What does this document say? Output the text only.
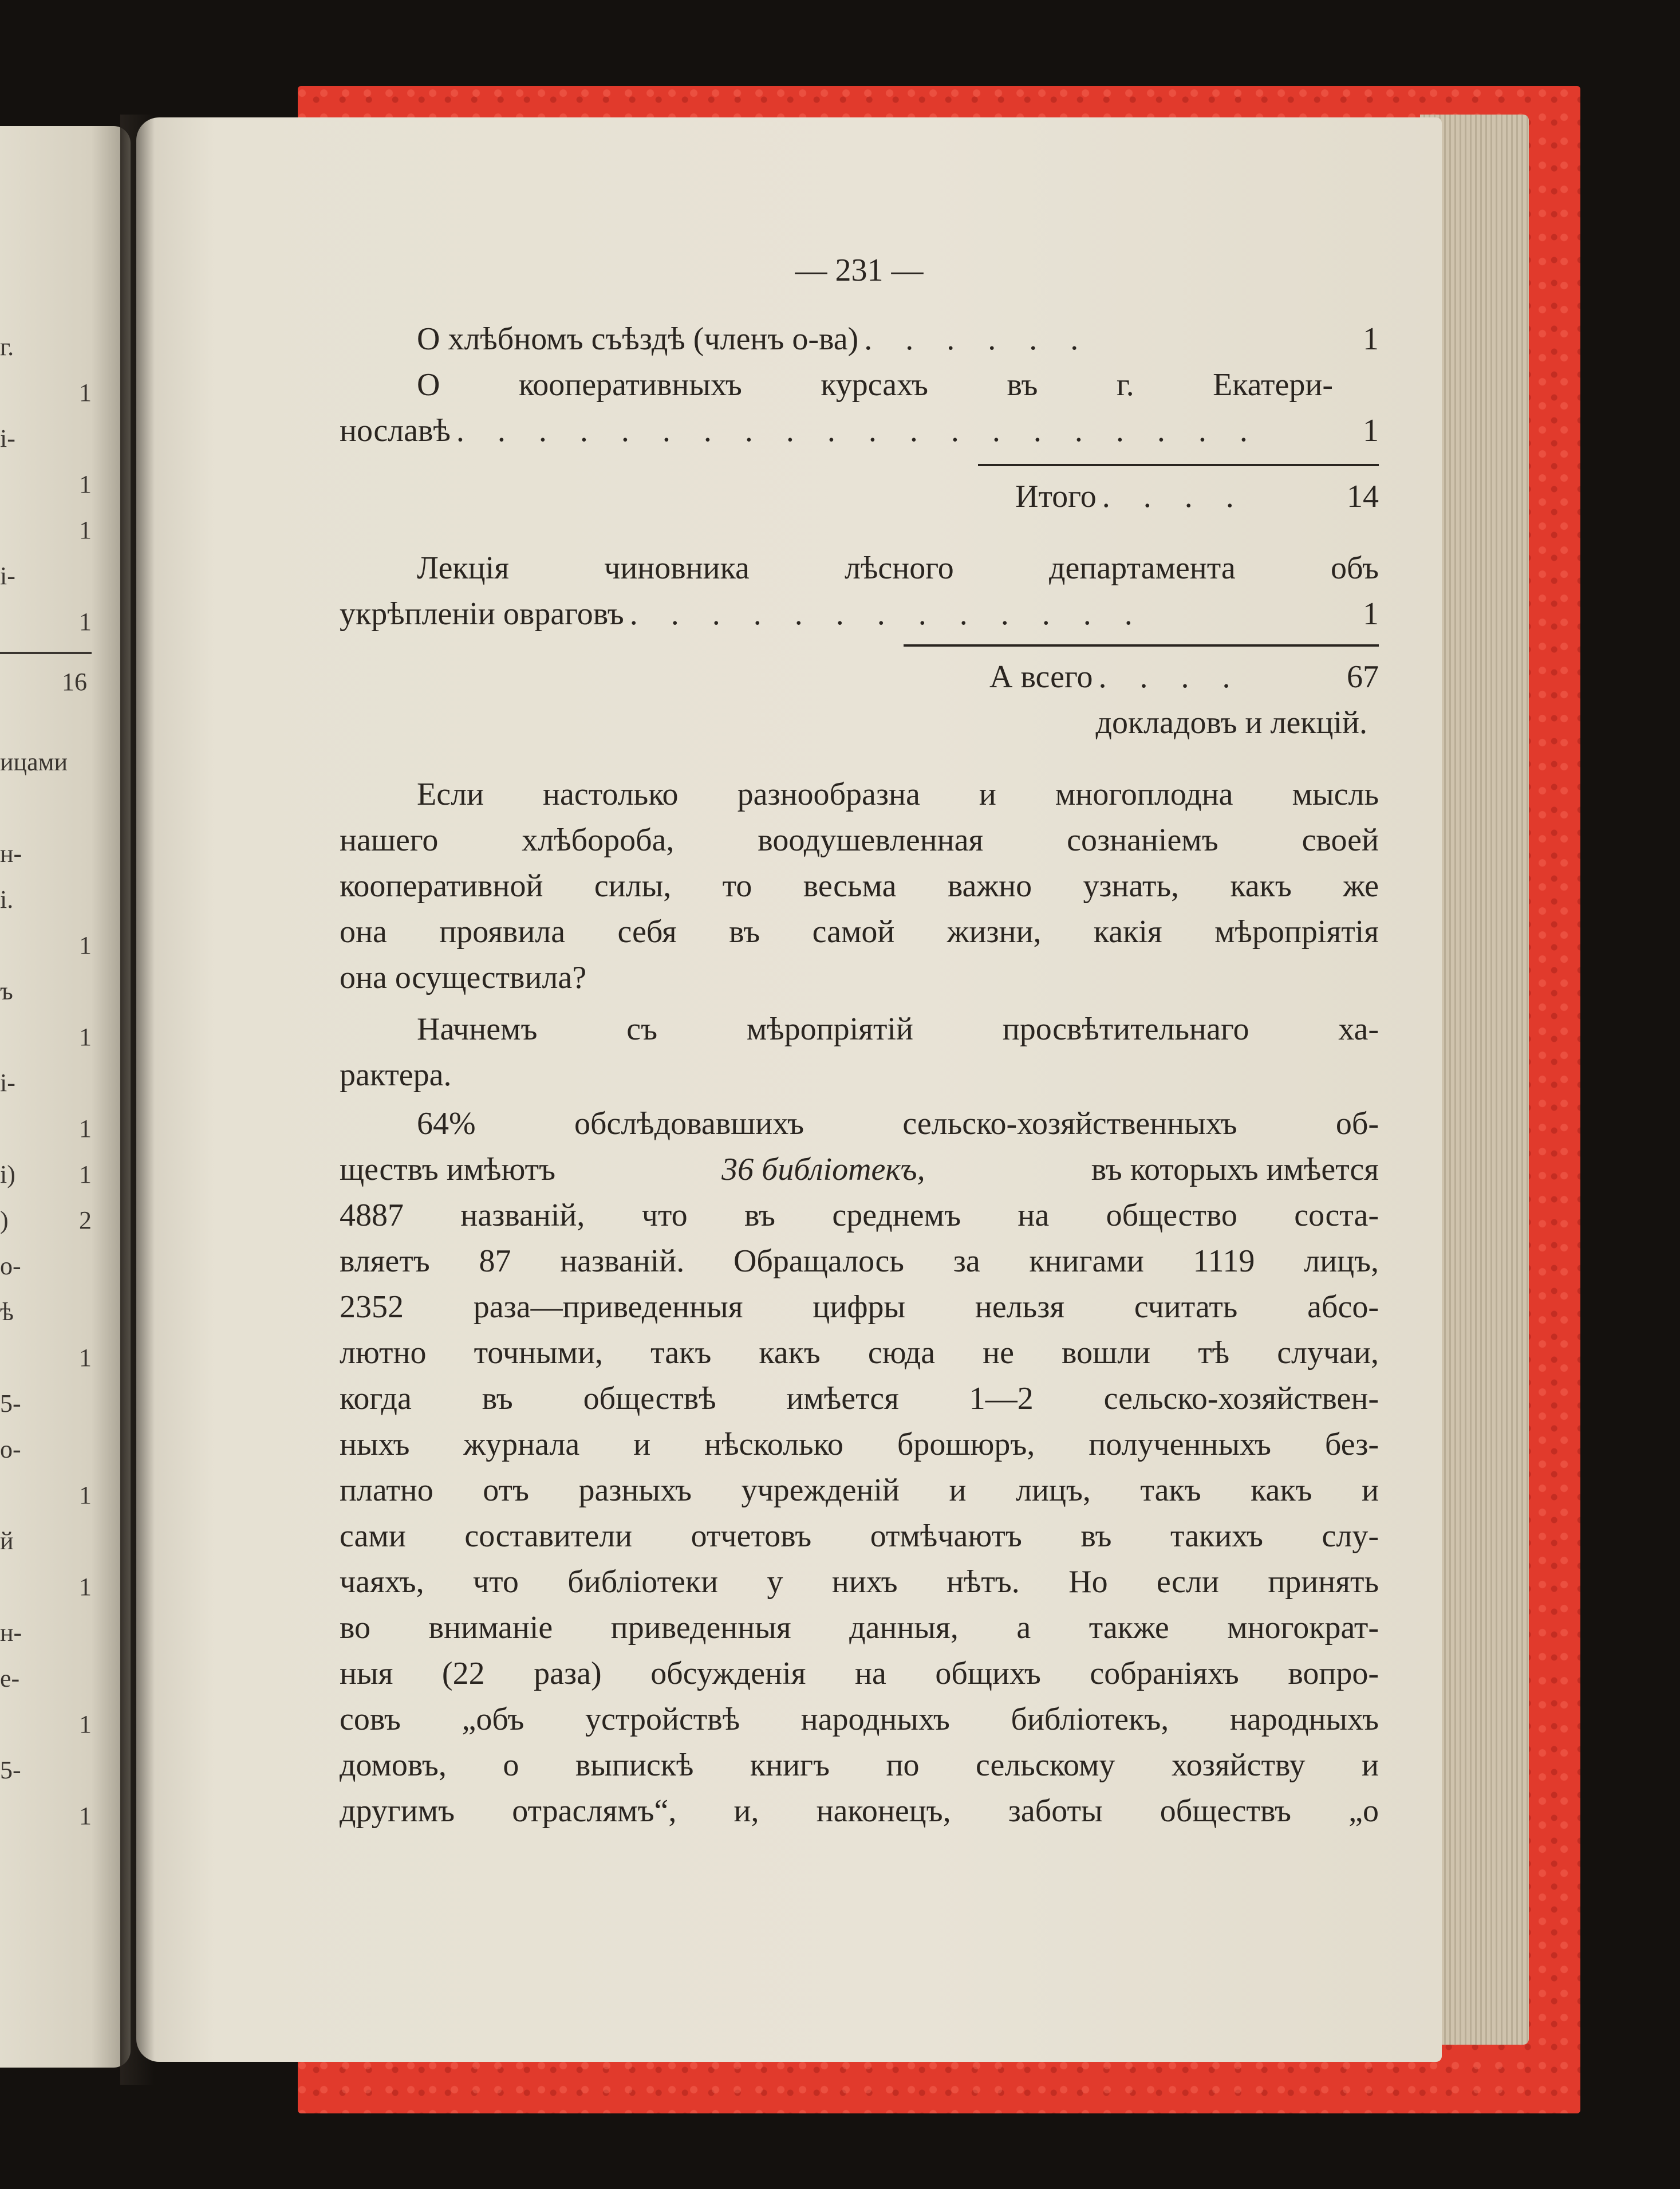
г.
1
і-
1
1
і-
1
16
ицами
н-
і.
1
ъ
1
і-
1
і)	1
)	2
о-
ѣ
1
5-
о-
1
й
1
н-
е-
1
5-
1
— 231 —
О хлѣбномъ съѣздѣ (членъ о-ва) . . . . . .	1
О кооперативныхъ курсахъ въ г. Екатери-
нославѣ . . . . . . . . . . . . . . . . . . . .	1
Итого . . . .	14
Лекція чиновника лѣсного департамента объ
укрѣпленіи овраговъ . . . . . . . . . . . . .	1
А всего . . . .	67
докладовъ и лекцій.
Если настолько разнообразна и многоплодна мысль
нашего хлѣбороба, воодушевленная сознаніемъ своей
кооперативной силы, то весьма важно узнать, какъ же
она проявила себя въ самой жизни, какія мѣропріятія
она осуществила?
Начнемъ съ мѣропріятій просвѣтительнаго ха-
рактера.
64% обслѣдовавшихъ сельско-хозяйственныхъ об-
ществъ имѣютъ	36 библіотекъ,	въ которыхъ имѣется
4887 названій, что въ среднемъ на общество соста-
вляетъ 87 названій. Обращалось за книгами 1119 лицъ,
2352 раза—приведенныя цифры нельзя считать абсо-
лютно точными, такъ какъ сюда не вошли тѣ случаи,
когда въ обществѣ имѣется 1—2 сельско-хозяйствен-
ныхъ журнала и нѣсколько брошюръ, полученныхъ без-
платно отъ разныхъ учрежденій и лицъ, такъ какъ и
сами составители отчетовъ отмѣчаютъ въ такихъ слу-
чаяхъ, что библіотеки у нихъ нѣтъ. Но если принять
во вниманіе приведенныя данныя, а также многократ-
ныя (22 раза) обсужденія на общихъ собраніяхъ вопро-
совъ „объ устройствѣ народныхъ библіотекъ, народныхъ
домовъ, о выпискѣ книгъ по сельскому хозяйству и
другимъ отраслямъ“, и, наконецъ, заботы обществъ „о
